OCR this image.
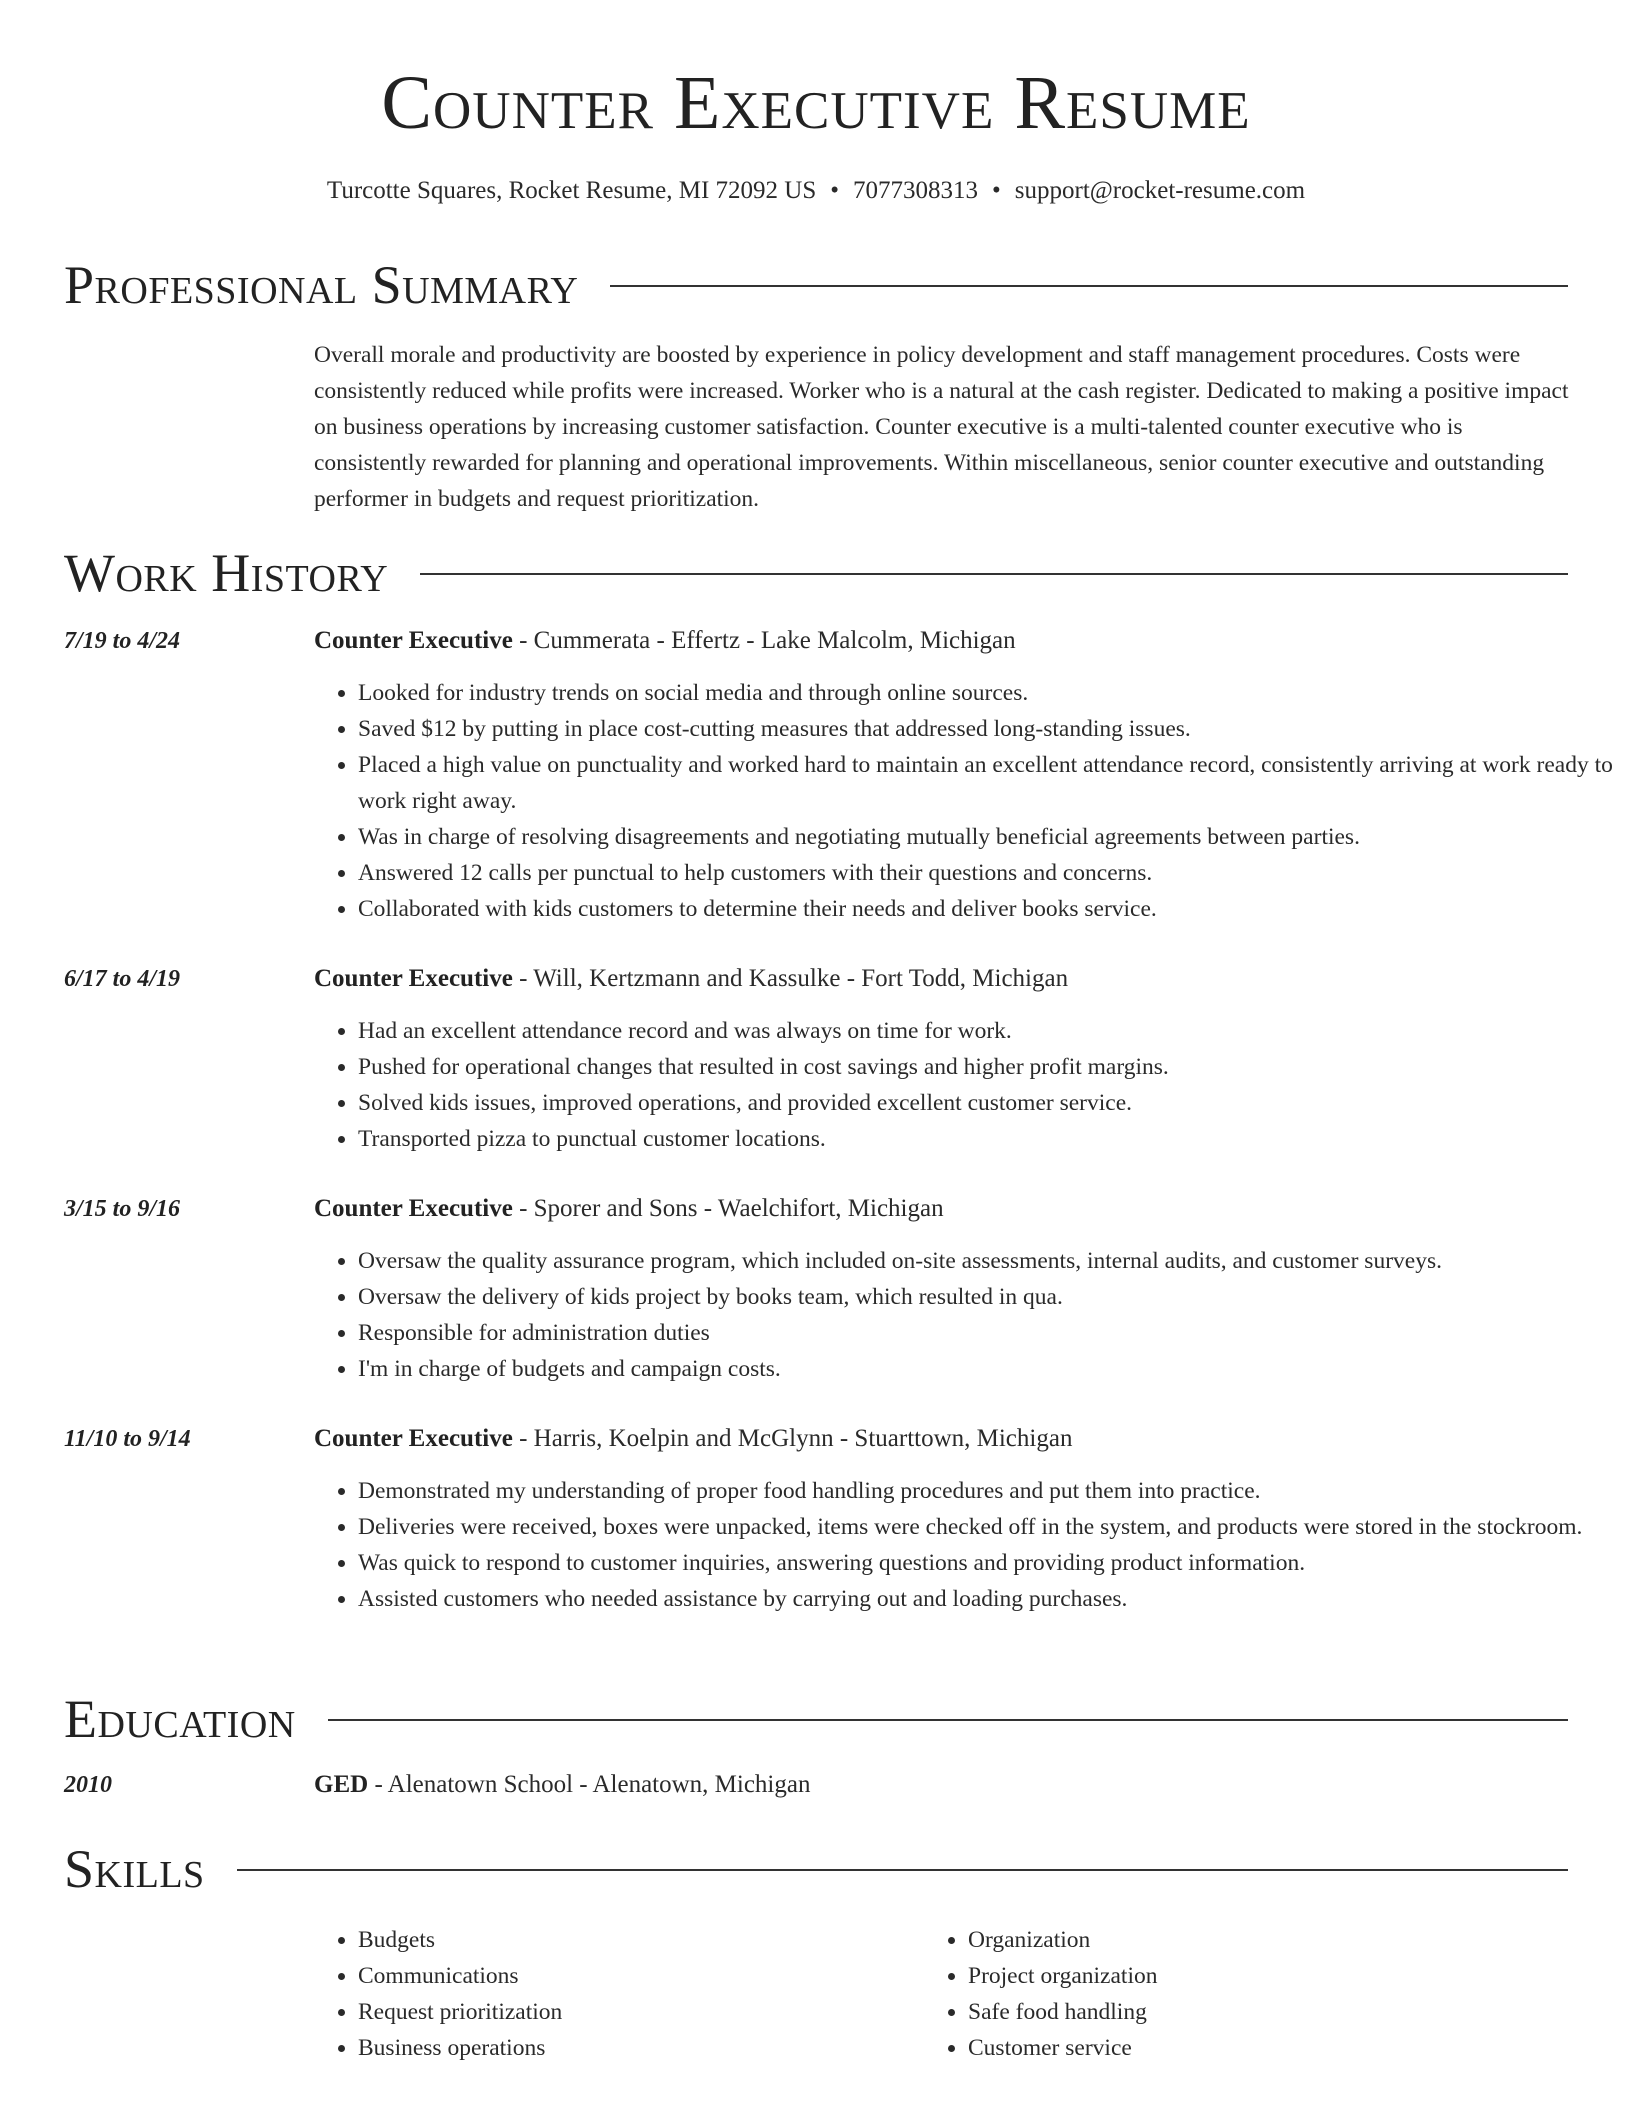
Counter Executive Resume
Turcotte Squares, Rocket Resume, MI 72092 US • 7077308313 • support@rocket-resume.com
Professional Summary
Overall morale and productivity are boosted by experience in policy development and staff management procedures. Costs were consistently reduced while profits were increased. Worker who is a natural at the cash register. Dedicated to making a positive impact on business operations by increasing customer satisfaction. Counter executive is a multi-talented counter executive who is consistently rewarded for planning and operational improvements. Within miscellaneous, senior counter executive and outstanding performer in budgets and request prioritization.
Work History
7/19 to 4/24	Counter Executive - Cummerata - Effertz - Lake Malcolm, Michigan
• Looked for industry trends on social media and through online sources.
• Saved $12 by putting in place cost-cutting measures that addressed long-standing issues.
• Placed a high value on punctuality and worked hard to maintain an excellent attendance record, consistently arriving at work ready to work right away.
• Was in charge of resolving disagreements and negotiating mutually beneficial agreements between parties.
• Answered 12 calls per punctual to help customers with their questions and concerns.
• Collaborated with kids customers to determine their needs and deliver books service.
6/17 to 4/19	Counter Executive - Will, Kertzmann and Kassulke - Fort Todd, Michigan
• Had an excellent attendance record and was always on time for work.
• Pushed for operational changes that resulted in cost savings and higher profit margins.
• Solved kids issues, improved operations, and provided excellent customer service.
• Transported pizza to punctual customer locations.
3/15 to 9/16	Counter Executive - Sporer and Sons - Waelchifort, Michigan
• Oversaw the quality assurance program, which included on-site assessments, internal audits, and customer surveys.
• Oversaw the delivery of kids project by books team, which resulted in qua.
• Responsible for administration duties
• I'm in charge of budgets and campaign costs.
11/10 to 9/14	Counter Executive - Harris, Koelpin and McGlynn - Stuarttown, Michigan
• Demonstrated my understanding of proper food handling procedures and put them into practice.
• Deliveries were received, boxes were unpacked, items were checked off in the system, and products were stored in the stockroom.
• Was quick to respond to customer inquiries, answering questions and providing product information.
• Assisted customers who needed assistance by carrying out and loading purchases.
Education
2010	GED - Alenatown School - Alenatown, Michigan
Skills
• Budgets
• Communications
• Request prioritization
• Business operations
• Organization
• Project organization
• Safe food handling
• Customer service
